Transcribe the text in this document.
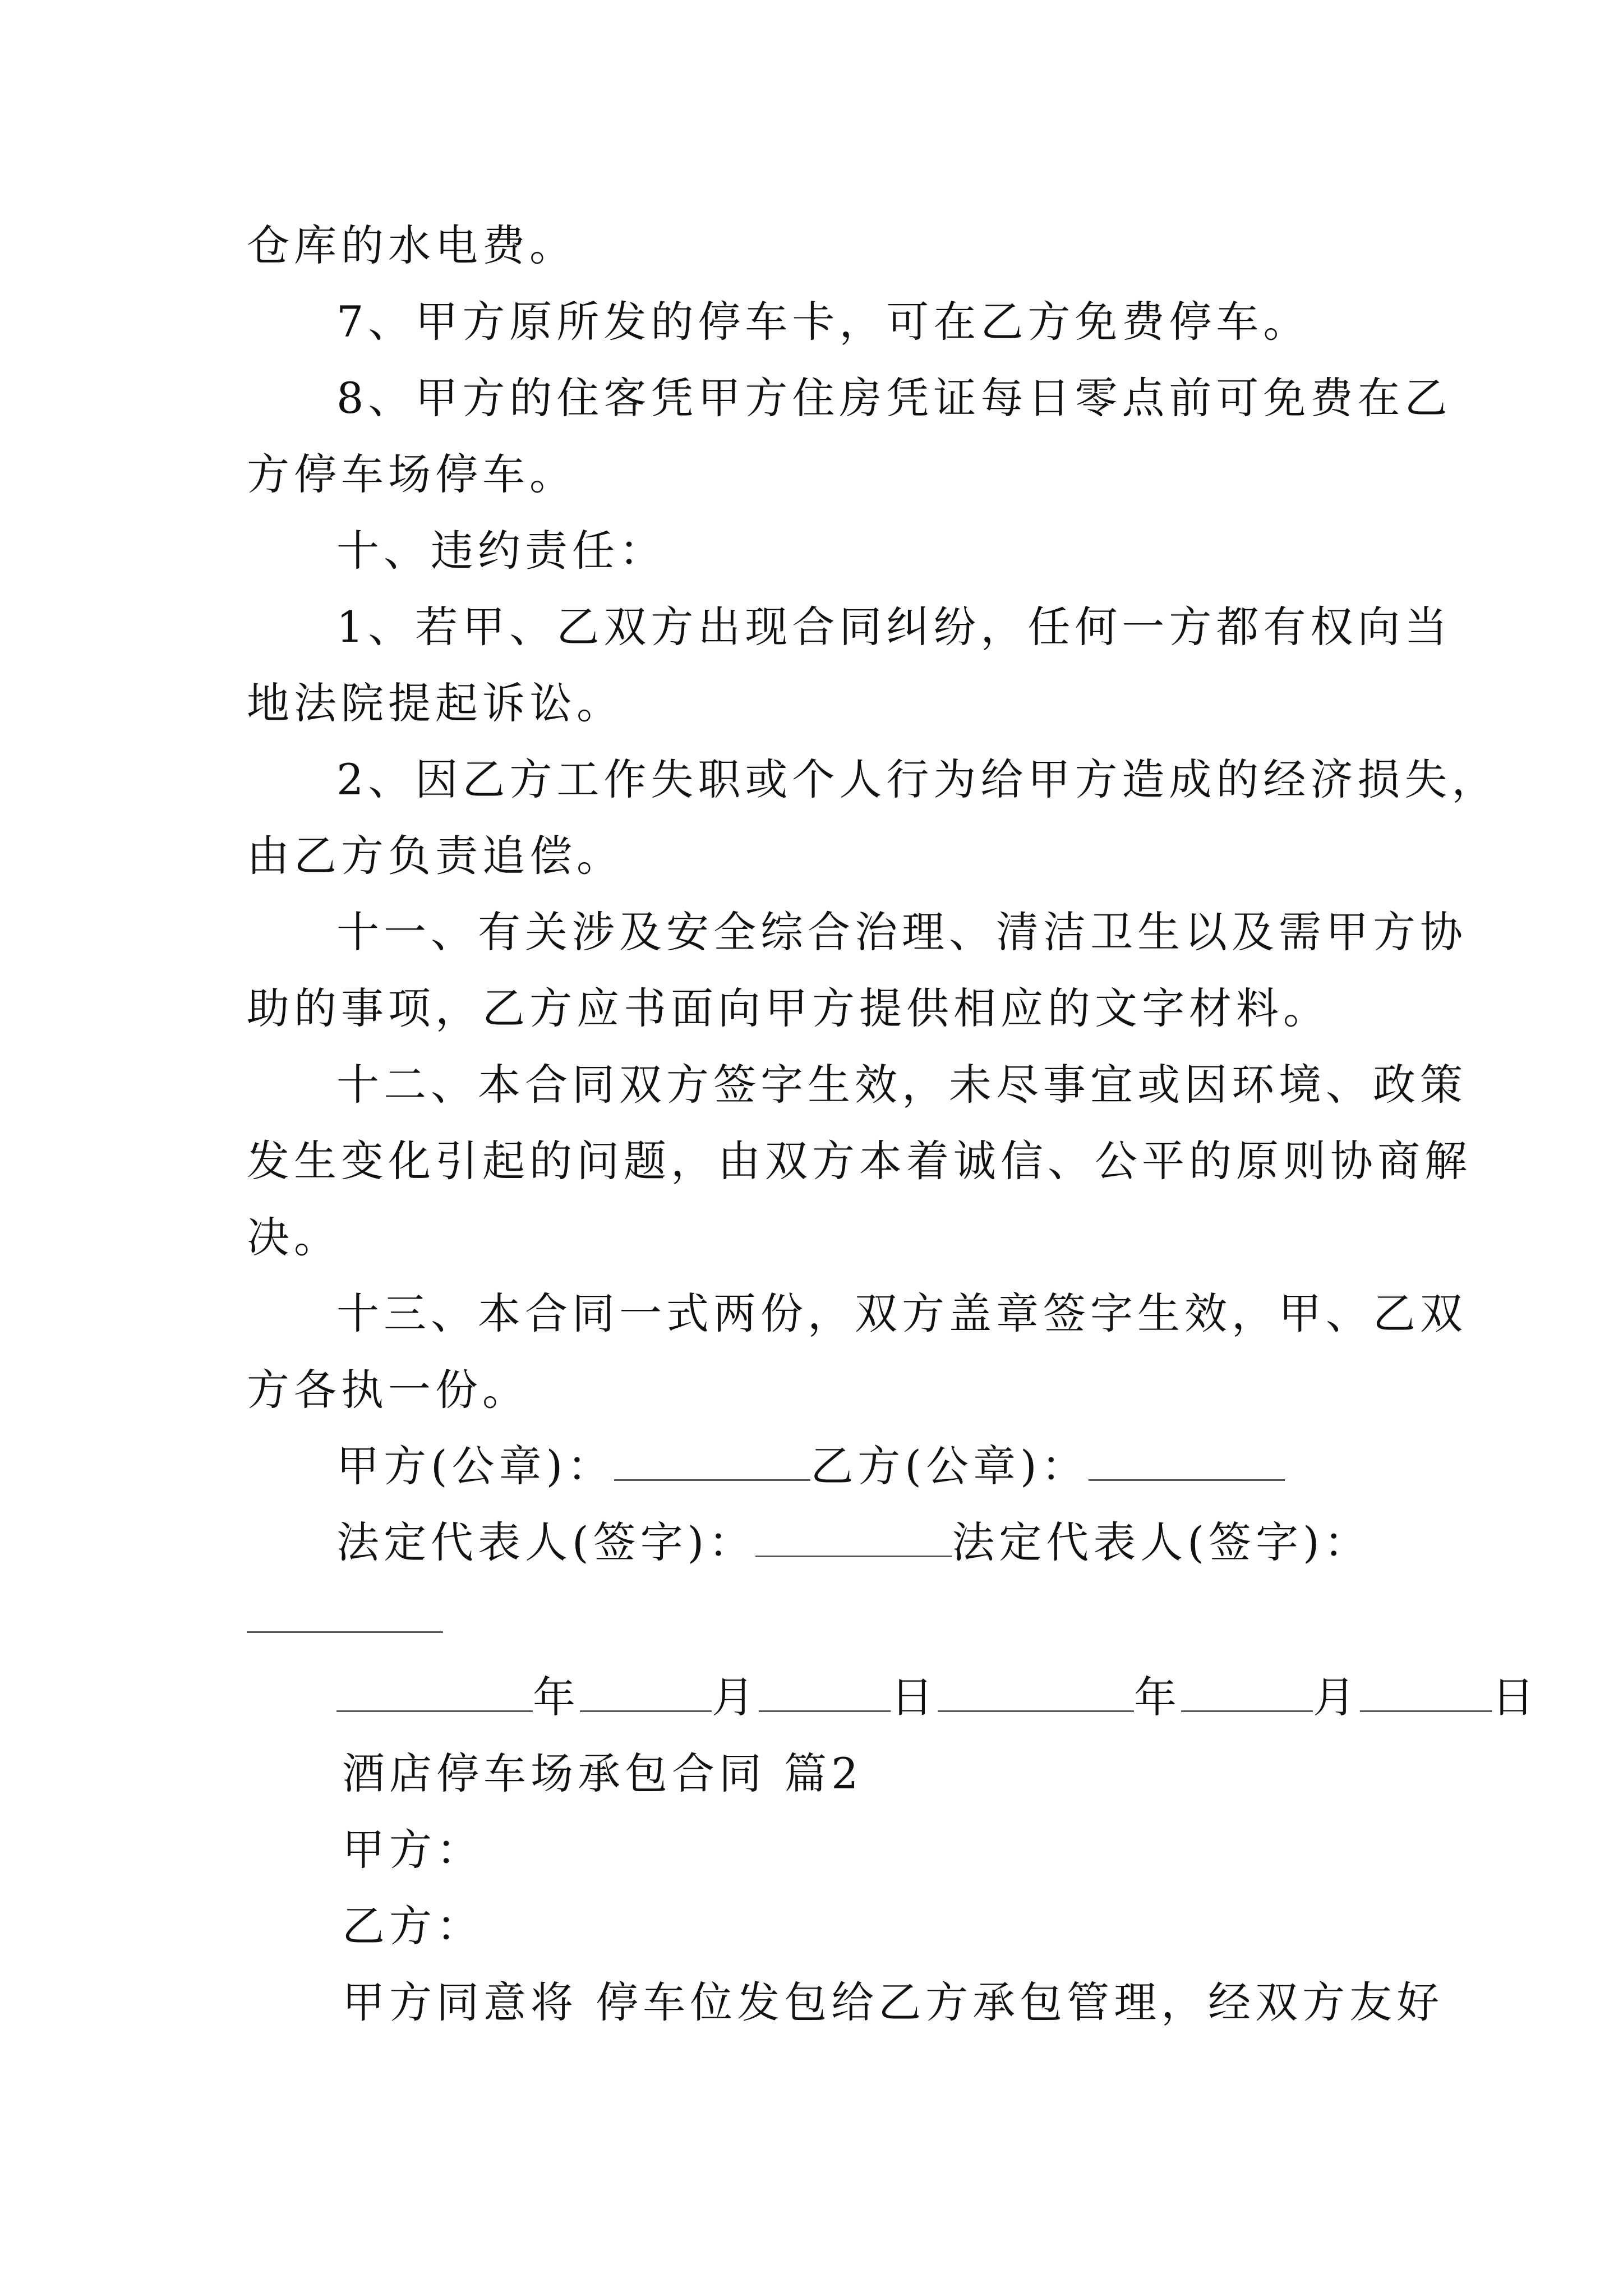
仓库的水电费。
7、甲方原所发的停车卡，可在乙方免费停车。
8、甲方的住客凭甲方住房凭证每日零点前可免费在乙
方停车场停车。
十、违约责任：
1、若甲、乙双方出现合同纠纷，任何一方都有权向当
地法院提起诉讼。
2、因乙方工作失职或个人行为给甲方造成的经济损失，
由乙方负责追偿。
十一、有关涉及安全综合治理、清洁卫生以及需甲方协
助的事项，乙方应书面向甲方提供相应的文字材料。
十二、本合同双方签字生效，未尽事宜或因环境、政策
发生变化引起的问题，由双方本着诚信、公平的原则协商解
决。
十三、本合同一式两份，双方盖章签字生效，甲、乙双
方各执一份。
甲方(公章)：	乙方(公章)：
法定代表人(签字)：	法定代表人(签字)：
年	月	日	年	月	日
酒店停车场承包合同 篇2
甲方：
乙方：
甲方同意将 停车位发包给乙方承包管理，经双方友好
